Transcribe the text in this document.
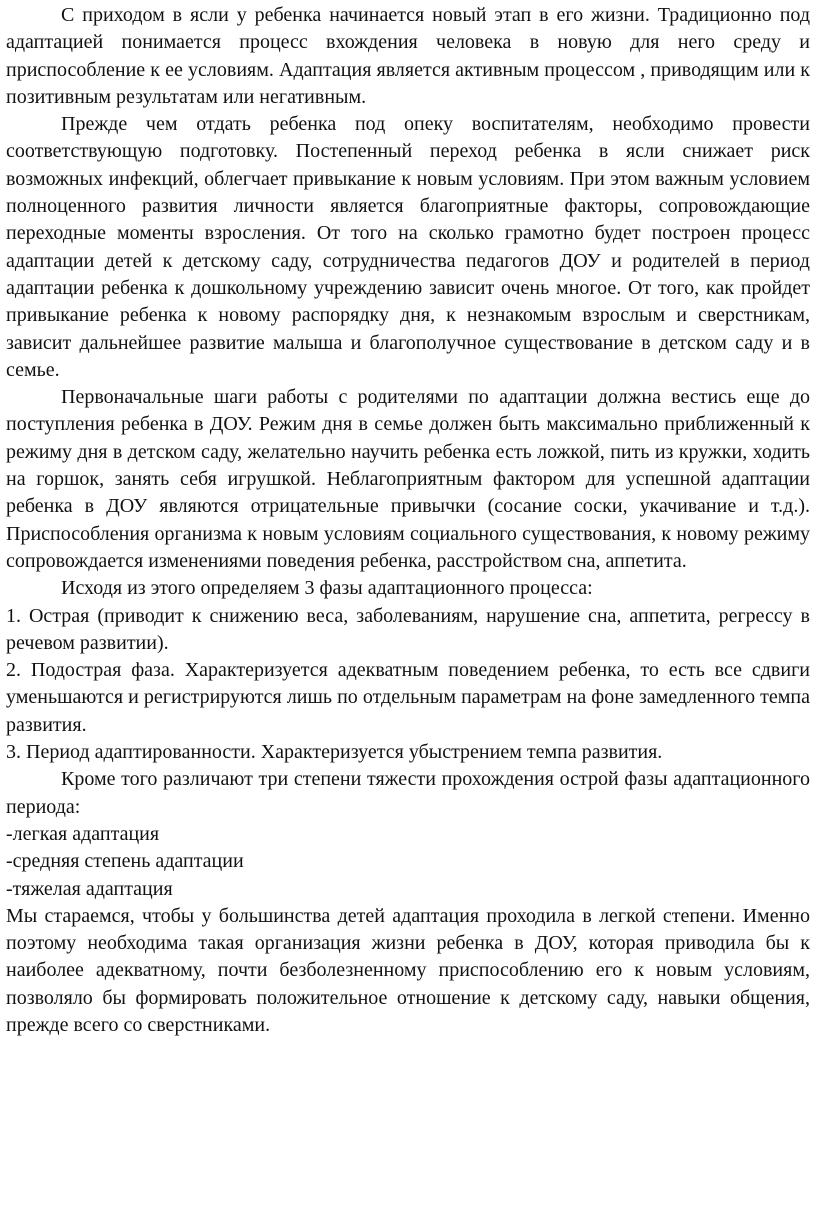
С приходом в ясли у ребенка начинается новый этап в его жизни. Традиционно под адаптацией понимается процесс вхождения человека в новую для него среду и приспособление к ее условиям. Адаптация является активным процессом , приводящим или к позитивным результатам или негативным.

Прежде чем отдать ребенка под опеку воспитателям, необходимо провести соответствующую подготовку. Постепенный переход ребенка в ясли снижает риск возможных инфекций, облегчает привыкание к новым условиям. При этом важным условием полноценного развития личности является благоприятные факторы, сопровождающие переходные моменты взросления. От того на сколько грамотно будет построен процесс адаптации детей к детскому саду, сотрудничества педагогов ДОУ и родителей в период адаптации ребенка к дошкольному учреждению зависит очень многое. От того, как пройдет привыкание ребенка к новому распорядку дня, к незнакомым взрослым и сверстникам, зависит дальнейшее развитие малыша и благополучное существование в детском саду и в семье.

Первоначальные шаги работы с родителями по адаптации должна вестись еще до поступления ребенка в ДОУ. Режим дня в семье должен быть максимально приближенный к режиму дня в детском саду, желательно научить ребенка есть ложкой, пить из кружки, ходить на горшок, занять себя игрушкой. Неблагоприятным фактором для успешной адаптации ребенка в ДОУ являются отрицательные привычки (сосание соски, укачивание и т.д.). Приспособления организма к новым условиям социального существования, к новому режиму сопровождается изменениями поведения ребенка, расстройством сна, аппетита.

Исходя из этого определяем 3 фазы адаптационного процесса:

1. Острая (приводит к снижению веса, заболеваниям, нарушение сна, аппетита, регрессу в речевом развитии).

2. Подострая фаза. Характеризуется адекватным поведением ребенка, то есть все сдвиги уменьшаются и регистрируются лишь по отдельным параметрам на фоне замедленного темпа развития.

3. Период адаптированности. Характеризуется убыстрением темпа развития.

Кроме того различают три степени тяжести прохождения острой фазы адаптационного периода:

-легкая адаптация

-средняя степень адаптации

-тяжелая адаптация

Мы стараемся, чтобы у большинства детей адаптация проходила в легкой степени. Именно поэтому необходима такая организация жизни ребенка в ДОУ, которая приводила бы к наиболее адекватному, почти безболезненному приспособлению его к новым условиям, позволяло бы формировать положительное отношение к детскому саду, навыки общения, прежде всего со сверстниками.
